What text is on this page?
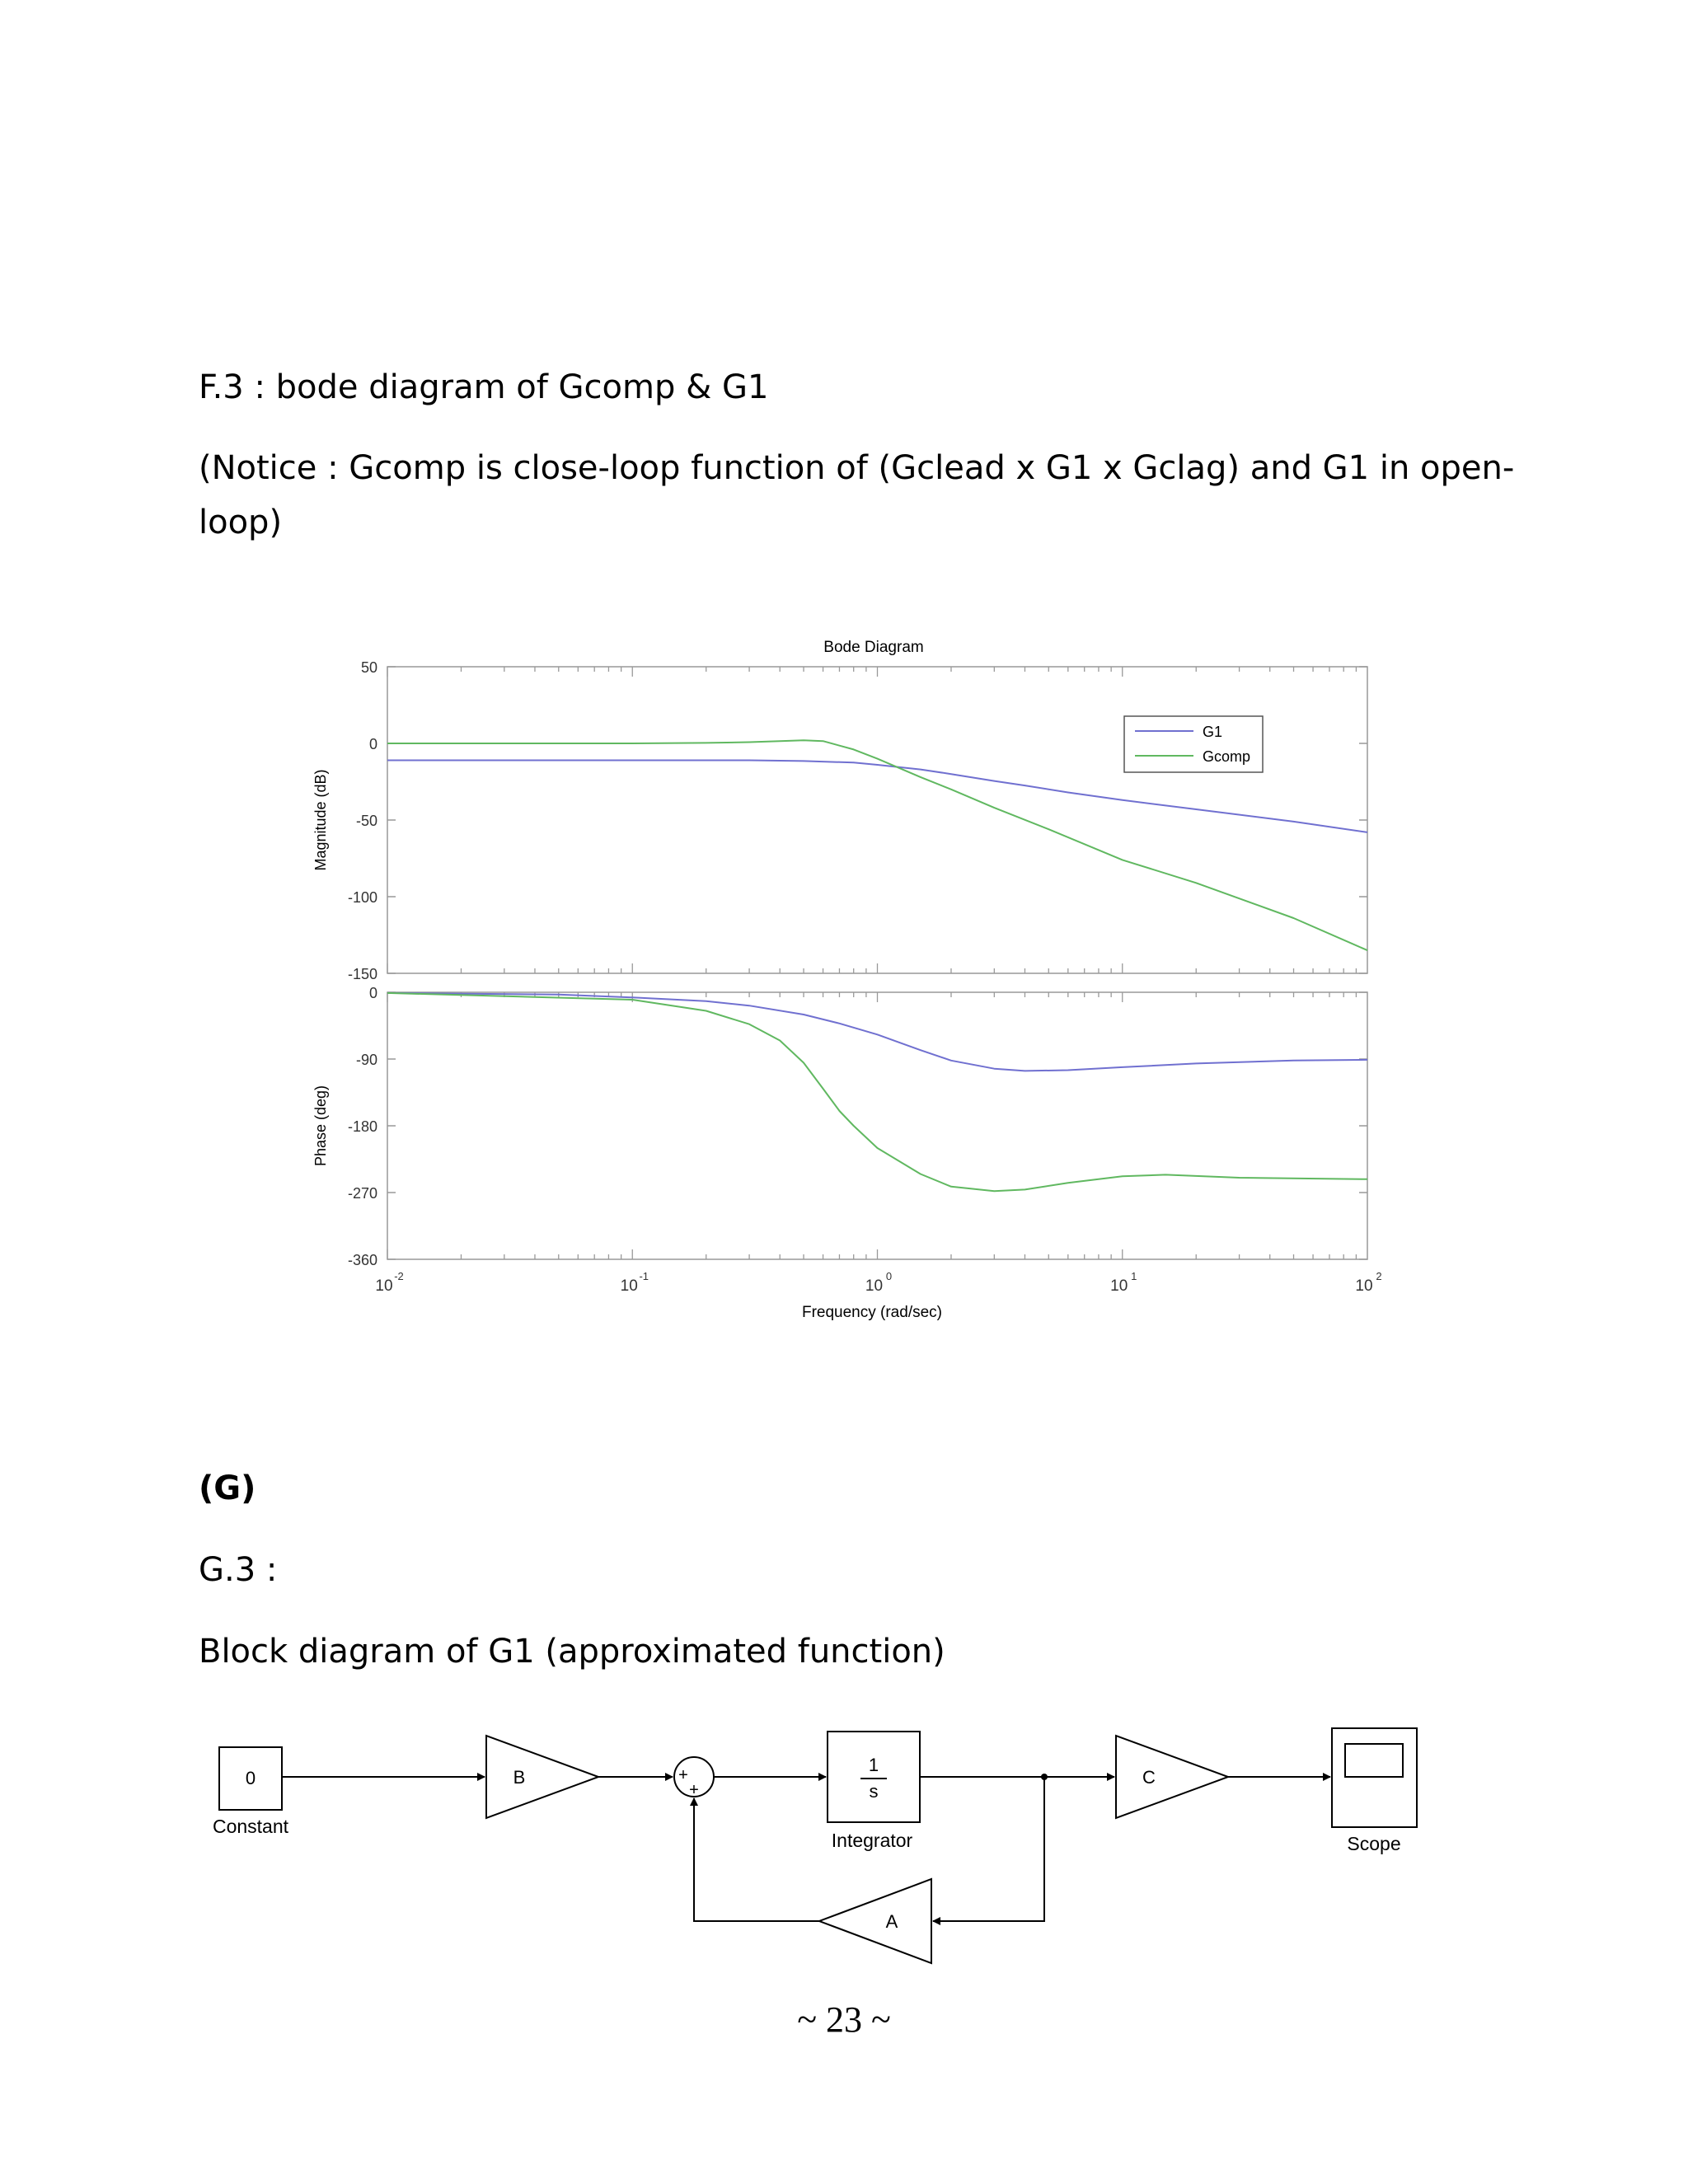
F.3 : bode diagram of Gcomp & G1

(Notice : Gcomp is close-loop function of (Gclead x G1 x Gclag) and G1 in open-

loop)

Bode Diagram
50
0
-50
-100
-150
0
-90
-180
-270
-360
10
-2
10
-1
10
0
10
1
10
2
Magnitude (dB)
Phase (deg)
Frequency (rad/sec)
G1
Gcomp

(G)

G.3 :

Block diagram of G1 (approximated function)

0
Constant
B	+
+
1
s
Integrator
C
A
Scope
~ 23 ~
